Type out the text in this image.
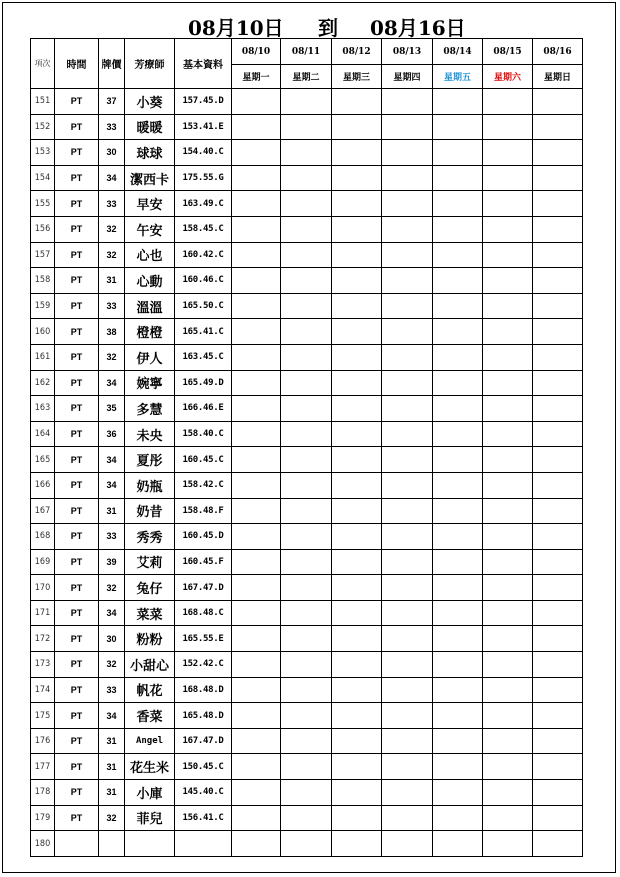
08月10日 到 08月16日
項次	時間	牌價	芳療師	基本資料	08/10	08/11	08/12	08/13	08/14	08/15	08/16
					星期一	星期二	星期三	星期四	星期五	星期六	星期日
151	PT	37	小葵	157.45.D							
152	PT	33	暖暖	153.41.E							
153	PT	30	球球	154.40.C							
154	PT	34	潔西卡	175.55.G							
155	PT	33	早安	163.49.C							
156	PT	32	午安	158.45.C							
157	PT	32	心也	160.42.C							
158	PT	31	心動	160.46.C							
159	PT	33	溫溫	165.50.C							
160	PT	38	橙橙	165.41.C							
161	PT	32	伊人	163.45.C							
162	PT	34	婉寧	165.49.D							
163	PT	35	多慧	166.46.E							
164	PT	36	未央	158.40.C							
165	PT	34	夏彤	160.45.C							
166	PT	34	奶瓶	158.42.C							
167	PT	31	奶昔	158.48.F							
168	PT	33	秀秀	160.45.D							
169	PT	39	艾莉	160.45.F							
170	PT	32	兔仔	167.47.D							
171	PT	34	菜菜	168.48.C							
172	PT	30	粉粉	165.55.E							
173	PT	32	小甜心	152.42.C							
174	PT	33	帆花	168.48.D							
175	PT	34	香菜	165.48.D							
176	PT	31	Angel	167.47.D							
177	PT	31	花生米	150.45.C							
178	PT	31	小庫	145.40.C							
179	PT	32	菲兒	156.41.C							
180											
